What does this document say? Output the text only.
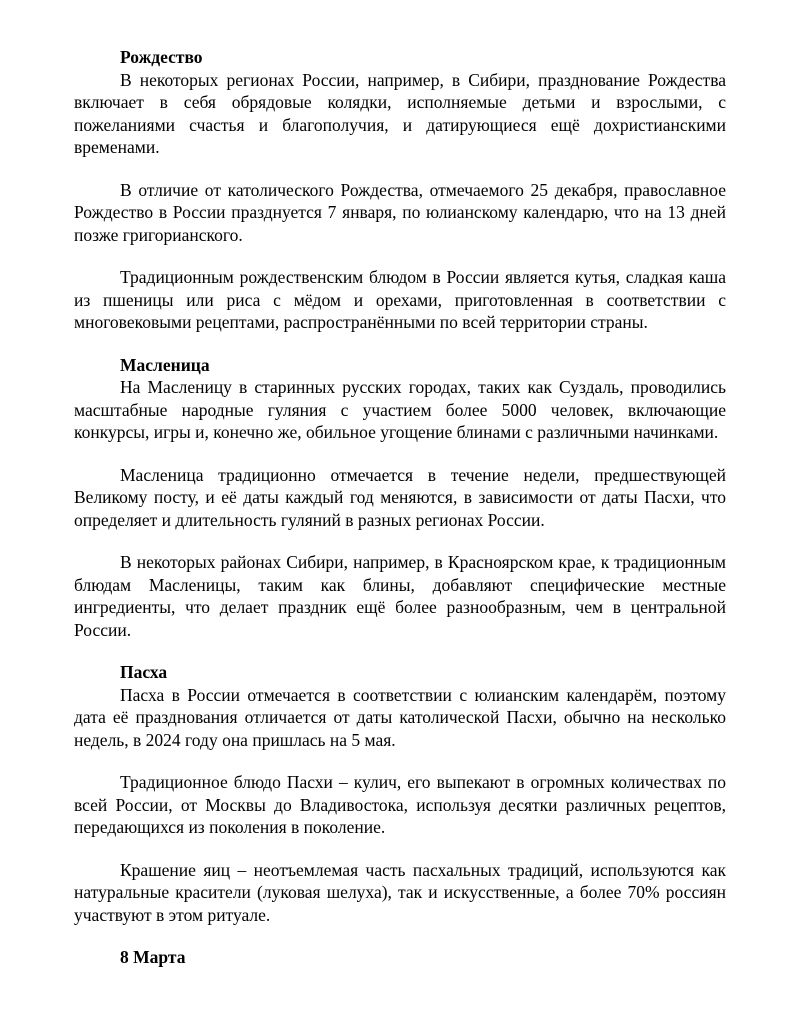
Рождество

В некоторых регионах России, например, в Сибири, празднование Рождества включает в себя обрядовые колядки, исполняемые детьми и взрослыми, с пожеланиями счастья и благополучия, и датирующиеся ещё дохристианскими временами.

В отличие от католического Рождества, отмечаемого 25 декабря, православное Рождество в России празднуется 7 января, по юлианскому календарю, что на 13 дней позже григорианского.

Традиционным рождественским блюдом в России является кутья, сладкая каша из пшеницы или риса с мёдом и орехами, приготовленная в соответствии с многовековыми рецептами, распространёнными по всей территории страны.

Масленица

На Масленицу в старинных русских городах, таких как Суздаль, проводились масштабные народные гуляния с участием более 5000 человек, включающие конкурсы, игры и, конечно же, обильное угощение блинами с различными начинками.

Масленица традиционно отмечается в течение недели, предшествующей Великому посту, и её даты каждый год меняются, в зависимости от даты Пасхи, что определяет и длительность гуляний в разных регионах России.

В некоторых районах Сибири, например, в Красноярском крае, к традиционным блюдам Масленицы, таким как блины, добавляют специфические местные ингредиенты, что делает праздник ещё более разнообразным, чем в центральной России.

Пасха

Пасха в России отмечается в соответствии с юлианским календарём, поэтому дата её празднования отличается от даты католической Пасхи, обычно на несколько недель, в 2024 году она пришлась на 5 мая.

Традиционное блюдо Пасхи – кулич, его выпекают в огромных количествах по всей России, от Москвы до Владивостока, используя десятки различных рецептов, передающихся из поколения в поколение.

Крашение яиц – неотъемлемая часть пасхальных традиций, используются как натуральные красители (луковая шелуха), так и искусственные, а более 70% россиян участвуют в этом ритуале.

8 Марта
